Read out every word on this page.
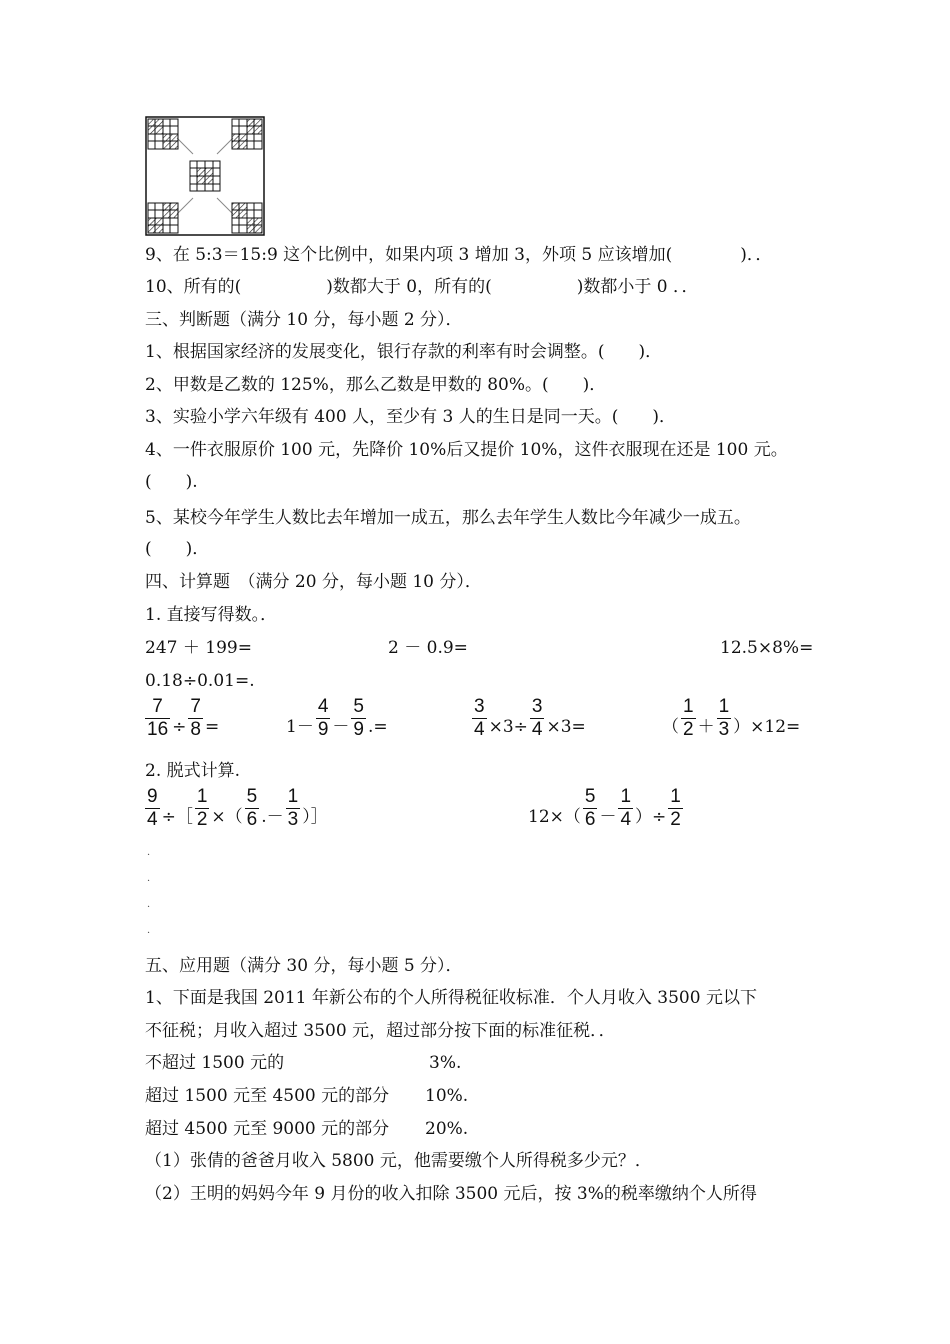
9、在 5:3＝15:9 这个比例中，如果内项 3 增加 3，外项 5 应该增加(　　　　)．．
10、所有的(　　　　　)数都大于 0，所有的(　　　　　)数都小于 0 ．．
三、判断题（满分 10 分，每小题 2 分）．
1、根据国家经济的发展变化，银行存款的利率有时会调整。(　　)．
2、甲数是乙数的 125%，那么乙数是甲数的 80%。(　　)．
3、实验小学六年级有 400 人，至少有 3 人的生日是同一天。(　　)．
4、一件衣服原价 100 元，先降价 10%后又提价 10%，这件衣服现在还是 100 元。
(　　).
5、某校今年学生人数比去年增加一成五，那么去年学生人数比今年减少一成五。
(　　)．
四、计算题　（满分 20 分，每小题 10 分）．
1. 直接写得数。．
247 ＋ 199=	2 － 0.9=	12.5×8%=
0.18÷0.01=.
$\frac{7}{16} \div \frac{7}{8}$ =	$1- \frac{4}{9} - \frac{5}{9}$ .=	$\frac{3}{4} \times 3\div \frac{3}{4} \times 3=$	（ $\frac{1}{2} + \frac{1}{3} )\times 12=$
2. 脱式计算.
$\frac{9}{4}$ ÷［ $\frac{1}{2}$ ×（ $\frac{5}{6}$ .－ $\frac{1}{3}$ ）］	$12\times( \frac{5}{6} - \frac{1}{4}$ ）÷ $\frac{1}{2}$
．
．
．
．
五、应用题（满分 30 分，每小题 5 分）．
1、下面是我国 2011 年新公布的个人所得税征收标准．个人月收入 3500 元以下
不征税；月收入超过 3500 元，超过部分按下面的标准征税．．
不超过 1500 元的	3%.
超过 1500 元至 4500 元的部分 10%.
超过 4500 元至 9000 元的部分 20%.
（1）张倩的爸爸月收入 5800 元，他需要缴个人所得税多少元？．
（2）王明的妈妈今年 9 月份的收入扣除 3500 元后，按 3%的税率缴纳个人所得
